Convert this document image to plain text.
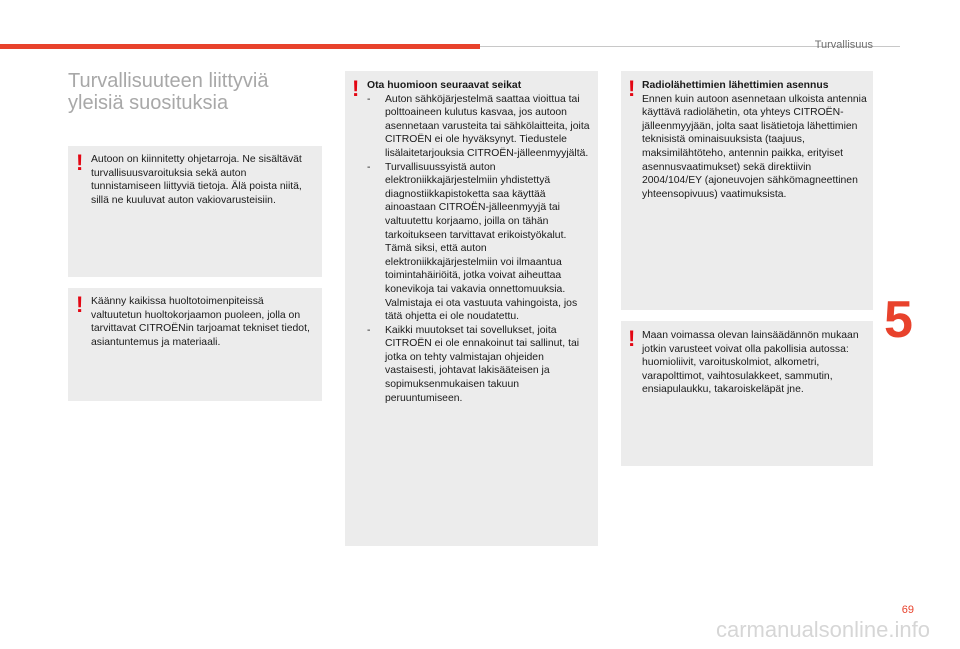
Turvallisuus
Turvallisuuteen liittyviä
yleisiä suosituksia
! Autoon on kiinnitetty ohjetarroja. Ne sisältävät turvallisuusvaroituksia sekä auton tunnistamiseen liittyviä tietoja. Älä poista niitä, sillä ne kuuluvat auton vakiovarusteisiin.
! Käänny kaikissa huoltotoimenpiteissä valtuutetun huoltokorjaamon puoleen, jolla on tarvittavat CITROËNin tarjoamat tekniset tiedot, asiantuntemus ja materiaali.
! Ota huomioon seuraavat seikat
- Auton sähköjärjestelmä saattaa vioittua tai polttoaineen kulutus kasvaa, jos autoon asennetaan varusteita tai sähkölaitteita, joita CITROËN ei ole hyväksynyt. Tiedustele lisälaitetarjouksia CITROËN-jälleenmyyjältä.
- Turvallisuussyistä auton elektroniikkajärjestelmiin yhdistettyä diagnostiikkapistoketta saa käyttää ainoastaan CITROËN-jälleenmyyjä tai valtuutettu korjaamo, joilla on tähän tarkoitukseen tarvittavat erikoistyökalut. Tämä siksi, että auton elektroniikkajärjestelmiin voi ilmaantua toimintahäiriöitä, jotka voivat aiheuttaa konevikoja tai vakavia onnettomuuksia. Valmistaja ei ota vastuuta vahingoista, jos tätä ohjetta ei ole noudatettu.
- Kaikki muutokset tai sovellukset, joita CITROËN ei ole ennakoinut tai sallinut, tai jotka on tehty valmistajan ohjeiden vastaisesti, johtavat lakisääteisen ja sopimuksenmukaisen takuun peruuntumiseen.
! Radiolähettimien lähettimien asennus
Ennen kuin autoon asennetaan ulkoista antennia käyttävä radiolähetin, ota yhteys CITROËN-jälleenmyyjään, jolta saat lisätietoja lähettimien teknisistä ominaisuuksista (taajuus, maksimilähtöteho, antennin paikka, erityiset asennusvaatimukset) sekä direktiivin 2004/104/EY (ajoneuvojen sähkömagneettinen yhteensopivuus) vaatimuksista.
! Maan voimassa olevan lainsäädännön mukaan jotkin varusteet voivat olla pakollisia autossa: huomioliivit, varoituskolmiot, alkometri, varapolttimot, vaihtosulakkeet, sammutin, ensiapulaukku, takaroiskeläpät jne.
5
69
carmanualsonline.info
